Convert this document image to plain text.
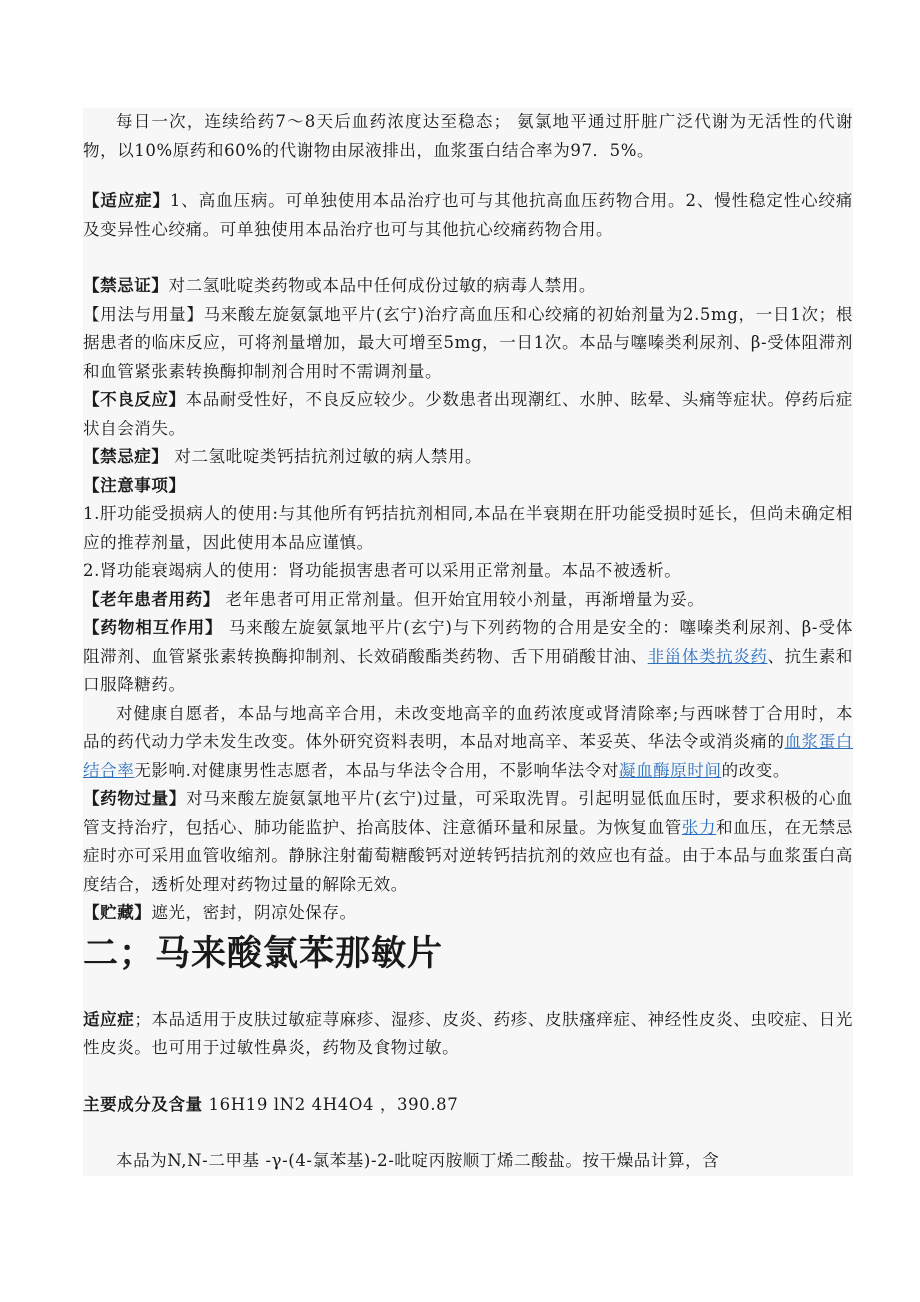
每日一次，连续给药7～8天后血药浓度达至稳态； 氨氯地平通过肝脏广泛代谢为无活性的代谢物，以10%原药和60%的代谢物由尿液排出，血浆蛋白结合率为97．5%。

【适应症】1、高血压病。可单独使用本品治疗也可与其他抗高血压药物合用。2、慢性稳定性心绞痛及变异性心绞痛。可单独使用本品治疗也可与其他抗心绞痛药物合用。

【禁忌证】对二氢吡啶类药物或本品中任何成份过敏的病毒人禁用。

【用法与用量】马来酸左旋氨氯地平片(玄宁)治疗高血压和心绞痛的初始剂量为2.5mg，一日1次；根据患者的临床反应，可将剂量增加，最大可增至5mg，一日1次。本品与噻嗪类利尿剂、β-受体阻滞剂和血管紧张素转换酶抑制剂合用时不需调剂量。

【不良反应】本品耐受性好，不良反应较少。少数患者出现潮红、水肿、眩晕、头痛等症状。停药后症状自会消失。

【禁忌症】 对二氢吡啶类钙拮抗剂过敏的病人禁用。

【注意事项】

1.肝功能受损病人的使用:与其他所有钙拮抗剂相同,本品在半衰期在肝功能受损时延长，但尚未确定相应的推荐剂量，因此使用本品应谨慎。

2.肾功能衰竭病人的使用：肾功能损害患者可以采用正常剂量。本品不被透析。

【老年患者用药】 老年患者可用正常剂量。但开始宜用较小剂量，再渐增量为妥。

【药物相互作用】 马来酸左旋氨氯地平片(玄宁)与下列药物的合用是安全的：噻嗪类利尿剂、β-受体阻滞剂、血管紧张素转换酶抑制剂、长效硝酸酯类药物、舌下用硝酸甘油、非甾体类抗炎药、抗生素和口服降糖药。

对健康自愿者，本品与地高辛合用，未改变地高辛的血药浓度或肾清除率;与西咪替丁合用时，本品的药代动力学未发生改变。体外研究资料表明，本品对地高辛、苯妥英、华法令或消炎痛的血浆蛋白结合率无影响.对健康男性志愿者，本品与华法令合用，不影响华法令对凝血酶原时间的改变。

【药物过量】对马来酸左旋氨氯地平片(玄宁)过量，可采取洗胃。引起明显低血压时，要求积极的心血管支持治疗，包括心、肺功能监护、抬高肢体、注意循环量和尿量。为恢复血管张力和血压，在无禁忌症时亦可采用血管收缩剂。静脉注射葡萄糖酸钙对逆转钙拮抗剂的效应也有益。由于本品与血浆蛋白高度结合，透析处理对药物过量的解除无效。

【贮藏】遮光，密封，阴凉处保存。

二；马来酸氯苯那敏片

适应症；本品适用于皮肤过敏症荨麻疹、湿疹、皮炎、药疹、皮肤瘙痒症、神经性皮炎、虫咬症、日光性皮炎。也可用于过敏性鼻炎，药物及食物过敏。

主要成分及含量 16H19 lN2 4H4O4 ，390.87

本品为N,N-二甲基 -γ-(4-氯苯基)-2-吡啶丙胺顺丁烯二酸盐。按干燥品计算，含
